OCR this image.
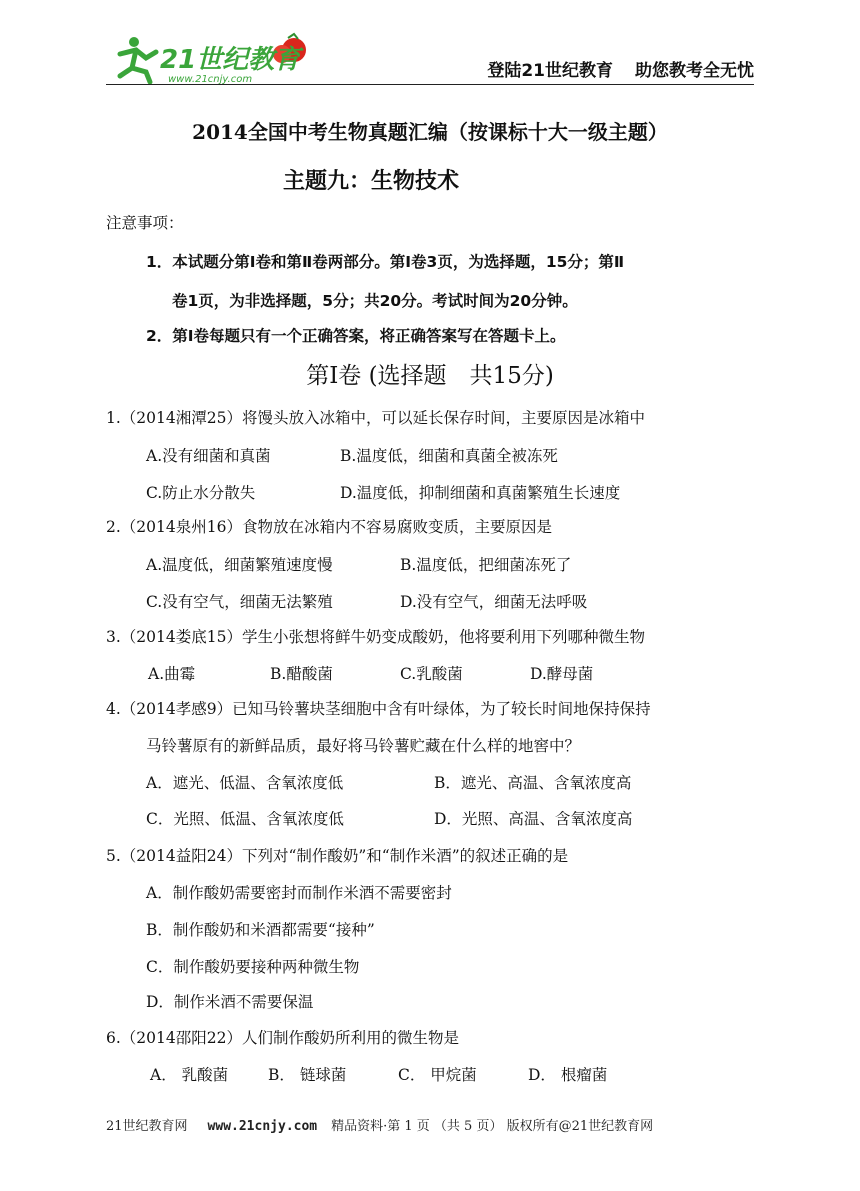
21世纪教育
www.21cnjy.com	登陆21世纪教育 助您教考全无忧
2014全国中考生物真题汇编（按课标十大一级主题）
主题九：生物技术
注意事项：
1．本试题分第Ⅰ卷和第Ⅱ卷两部分。第Ⅰ卷3页，为选择题，15分；第Ⅱ
卷1页，为非选择题，5分；共20分。考试时间为20分钟。
2．第Ⅰ卷每题只有一个正确答案，将正确答案写在答题卡上。
第Ⅰ卷 (选择题　共15分)
1.（2014湘潭25）将馒头放入冰箱中，可以延长保存时间，主要原因是冰箱中
A.没有细菌和真菌	B.温度低，细菌和真菌全被冻死
C.防止水分散失	D.温度低，抑制细菌和真菌繁殖生长速度
2.（2014泉州16）食物放在冰箱内不容易腐败变质，主要原因是
A.温度低，细菌繁殖速度慢	B.温度低，把细菌冻死了
C.没有空气，细菌无法繁殖	D.没有空气，细菌无法呼吸
3.（2014娄底15）学生小张想将鲜牛奶变成酸奶，他将要利用下列哪种微生物
A.曲霉	B.醋酸菌	C.乳酸菌	D.酵母菌
4.（2014孝感9）已知马铃薯块茎细胞中含有叶绿体，为了较长时间地保持保持
马铃薯原有的新鲜品质，最好将马铃薯贮藏在什么样的地窖中？
A．遮光、低温、含氧浓度低	B．遮光、高温、含氧浓度高
C．光照、低温、含氧浓度低	D．光照、高温、含氧浓度高
5.（2014益阳24）下列对“制作酸奶”和“制作米酒”的叙述正确的是
A．制作酸奶需要密封而制作米酒不需要密封
B．制作酸奶和米酒都需要“接种”
C．制作酸奶要接种两种微生物
D．制作米酒不需要保温
6.（2014邵阳22）人们制作酸奶所利用的微生物是
A． 乳酸菌	B． 链球菌	C． 甲烷菌	D． 根瘤菌
21世纪教育网 www.21cnjy.com 精品资料·第 1 页 （共 5 页） 版权所有@21世纪教育网
